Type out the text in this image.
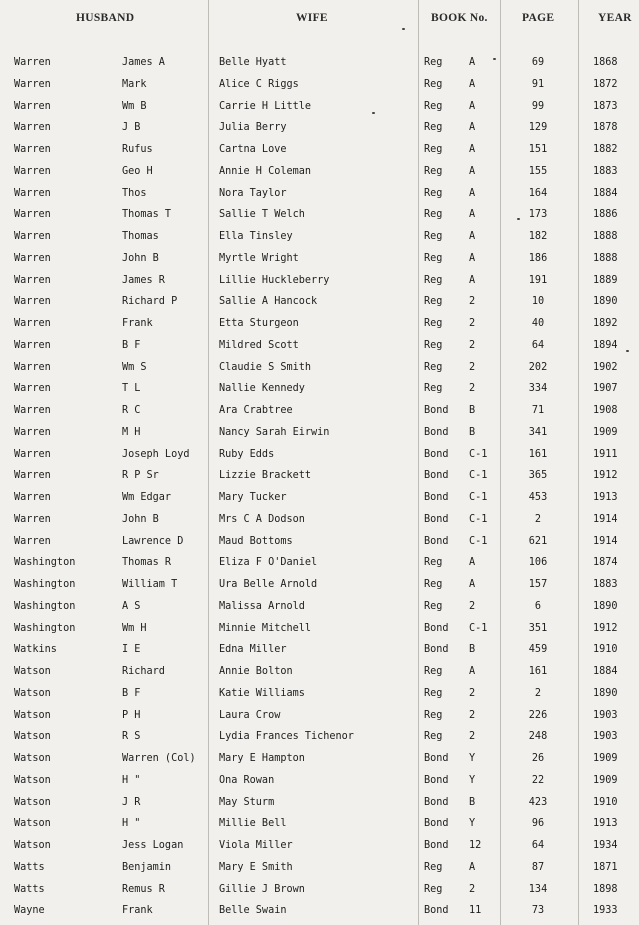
HUSBAND	WIFE	BOOK No.	PAGE	YEAR
Warren	James A	Belle Hyatt	Reg	A	69	1868
Warren	Mark	Alice C Riggs	Reg	A	91	1872
Warren	Wm B	Carrie H Little	Reg	A	99	1873
Warren	J B	Julia Berry	Reg	A	129	1878
Warren	Rufus	Cartna Love	Reg	A	151	1882
Warren	Geo H	Annie H Coleman	Reg	A	155	1883
Warren	Thos	Nora Taylor	Reg	A	164	1884
Warren	Thomas T	Sallie T Welch	Reg	A	173	1886
Warren	Thomas	Ella Tinsley	Reg	A	182	1888
Warren	John B	Myrtle Wright	Reg	A	186	1888
Warren	James R	Lillie Huckleberry	Reg	A	191	1889
Warren	Richard P	Sallie A Hancock	Reg	2	10	1890
Warren	Frank	Etta Sturgeon	Reg	2	40	1892
Warren	B F	Mildred Scott	Reg	2	64	1894
Warren	Wm S	Claudie S Smith	Reg	2	202	1902
Warren	T L	Nallie Kennedy	Reg	2	334	1907
Warren	R C	Ara Crabtree	Bond	B	71	1908
Warren	M H	Nancy Sarah Eirwin	Bond	B	341	1909
Warren	Joseph Loyd	Ruby Edds	Bond	C-1	161	1911
Warren	R P Sr	Lizzie Brackett	Bond	C-1	365	1912
Warren	Wm Edgar	Mary Tucker	Bond	C-1	453	1913
Warren	John B	Mrs C A Dodson	Bond	C-1	2	1914
Warren	Lawrence D	Maud Bottoms	Bond	C-1	621	1914
Washington	Thomas R	Eliza F O'Daniel	Reg	A	106	1874
Washington	William T	Ura Belle Arnold	Reg	A	157	1883
Washington	A S	Malissa Arnold	Reg	2	6	1890
Washington	Wm H	Minnie Mitchell	Bond	C-1	351	1912
Watkins	I E	Edna Miller	Bond	B	459	1910
Watson	Richard	Annie Bolton	Reg	A	161	1884
Watson	B F	Katie Williams	Reg	2	2	1890
Watson	P H	Laura Crow	Reg	2	226	1903
Watson	R S	Lydia Frances Tichenor	Reg	2	248	1903
Watson	Warren (Col)	Mary E Hampton	Bond	Y	26	1909
Watson	H "	Ona Rowan	Bond	Y	22	1909
Watson	J R	May Sturm	Bond	B	423	1910
Watson	H "	Millie Bell	Bond	Y	96	1913
Watson	Jess Logan	Viola Miller	Bond	12	64	1934
Watts	Benjamin	Mary E Smith	Reg	A	87	1871
Watts	Remus R	Gillie J Brown	Reg	2	134	1898
Wayne	Frank	Belle Swain	Bond	11	73	1933
